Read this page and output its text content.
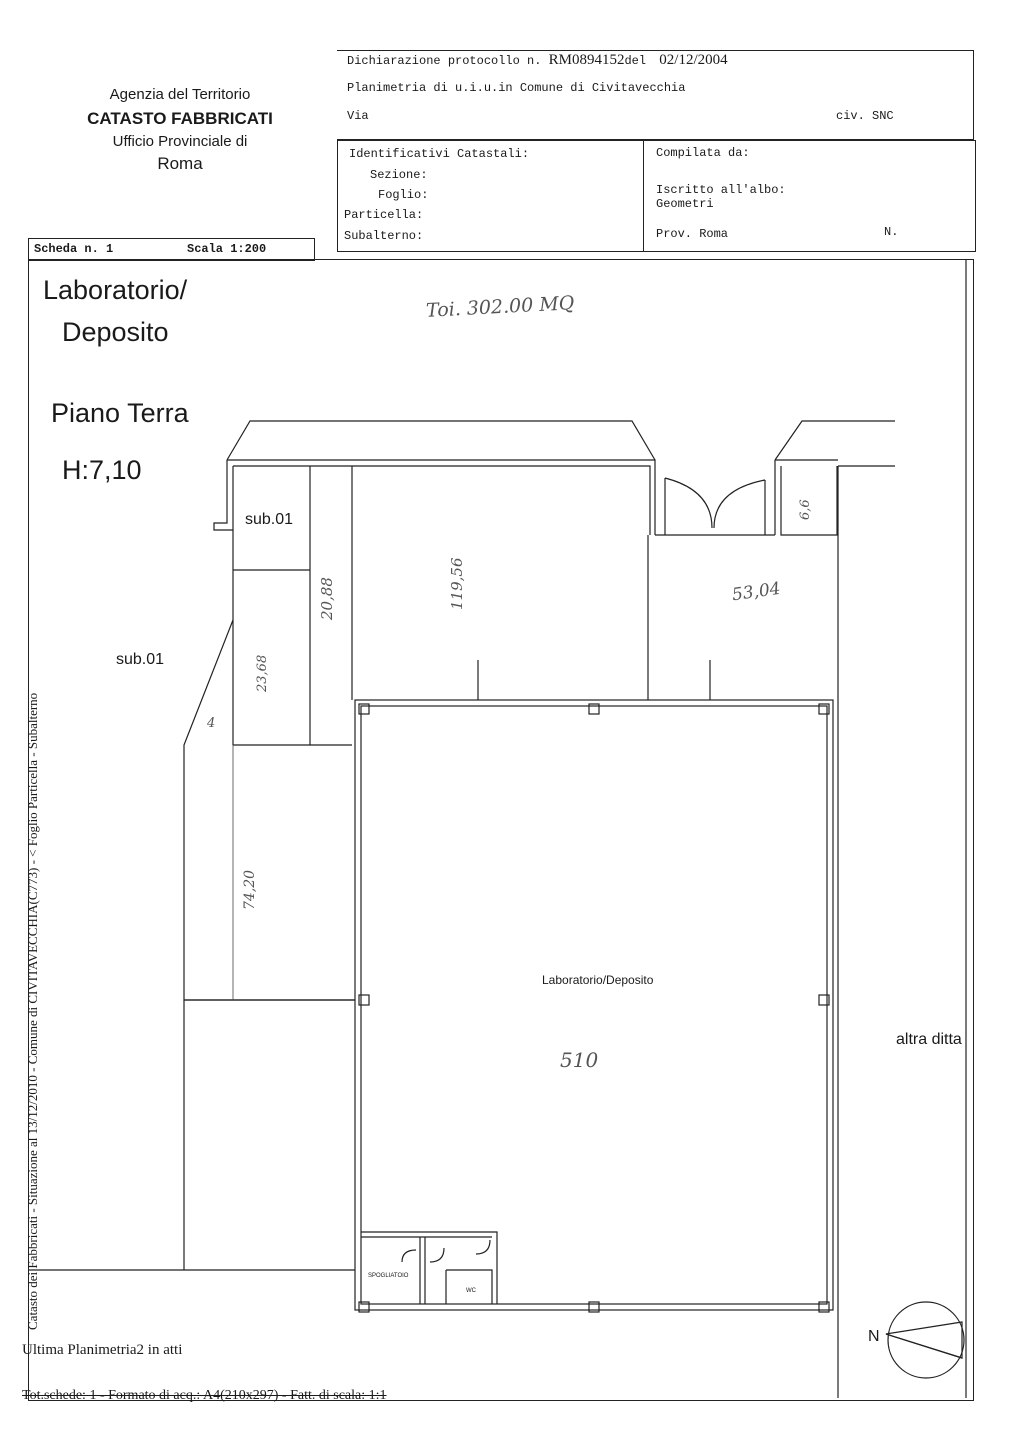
Agenzia del Territorio
CATASTO FABBRICATI
Ufficio Provinciale di
Roma
Dichiarazione protocollo n. RM0894152del 02/12/2004
Planimetria di u.i.u.in Comune di Civitavecchia
Via	civ. SNC
Identificativi Catastali:
Sezione:
Foglio:
Particella:
Subalterno:
Compilata da:
Iscritto all'albo:
Geometri
Prov. Roma	N.
Scheda n. 1	Scala 1:200
Catasto dei Fabbricati - Situazione al 13/12/2010 - Comune di CIVITAVECCHIA(C773) - < Foglio Particella - Subalterno
Laboratorio/
Deposito
Piano Terra
H:7,10
Toi. 302.00 MQ
sub.01
sub.01
Laboratorio/Deposito
510
altra ditta
SPOGLIATOIO
WC
N
20,88	119,56	53,04
23,68
6,6
74,20
4
Ultima Planimetria2 in atti
Tot.schede: 1 - Formato di acq.: A4(210x297) - Fatt. di scala: 1:1
